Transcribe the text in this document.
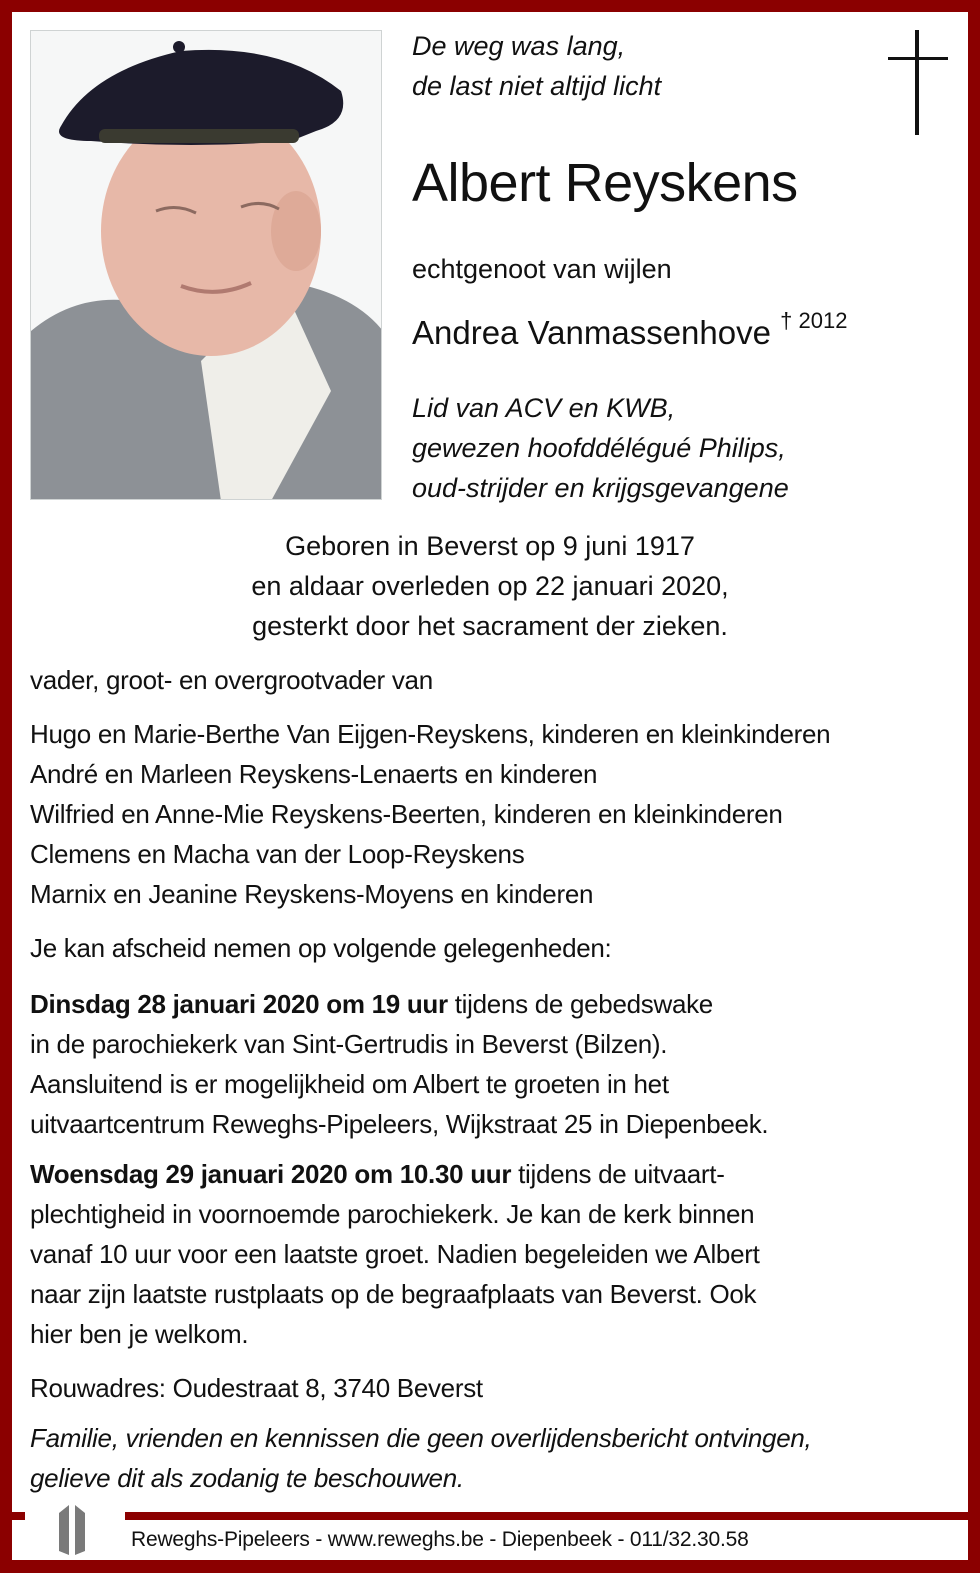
De weg was lang,
de last niet altijd licht
Albert Reyskens
echtgenoot van wijlen
Andrea Vanmassenhove $^{\dagger 2012}$
Lid van ACV en KWB,
gewezen hoofddélégué Philips,
oud-strijder en krijgsgevangene
Geboren in Beverst op 9 juni 1917
en aldaar overleden op 22 januari 2020,
gesterkt door het sacrament der zieken.
vader, groot- en overgrootvader van
Hugo en Marie-Berthe Van Eijgen-Reyskens, kinderen en kleinkinderen
André en Marleen Reyskens-Lenaerts en kinderen
Wilfried en Anne-Mie Reyskens-Beerten, kinderen en kleinkinderen
Clemens en Macha van der Loop-Reyskens
Marnix en Jeanine Reyskens-Moyens en kinderen
Je kan afscheid nemen op volgende gelegenheden:
Dinsdag 28 januari 2020 om 19 uur tijdens de gebedswake
in de parochiekerk van Sint-Gertrudis in Beverst (Bilzen).
Aansluitend is er mogelijkheid om Albert te groeten in het
uitvaartcentrum Reweghs-Pipeleers, Wijkstraat 25 in Diepenbeek.
Woensdag 29 januari 2020 om 10.30 uur tijdens de uitvaart-
plechtigheid in voornoemde parochiekerk. Je kan de kerk binnen
vanaf 10 uur voor een laatste groet. Nadien begeleiden we Albert
naar zijn laatste rustplaats op de begraafplaats van Beverst. Ook
hier ben je welkom.
Rouwadres: Oudestraat 8, 3740 Beverst
Familie, vrienden en kennissen die geen overlijdensbericht ontvingen,
gelieve dit als zodanig te beschouwen.
Reweghs-Pipeleers - www.reweghs.be - Diepenbeek - 011/32.30.58
